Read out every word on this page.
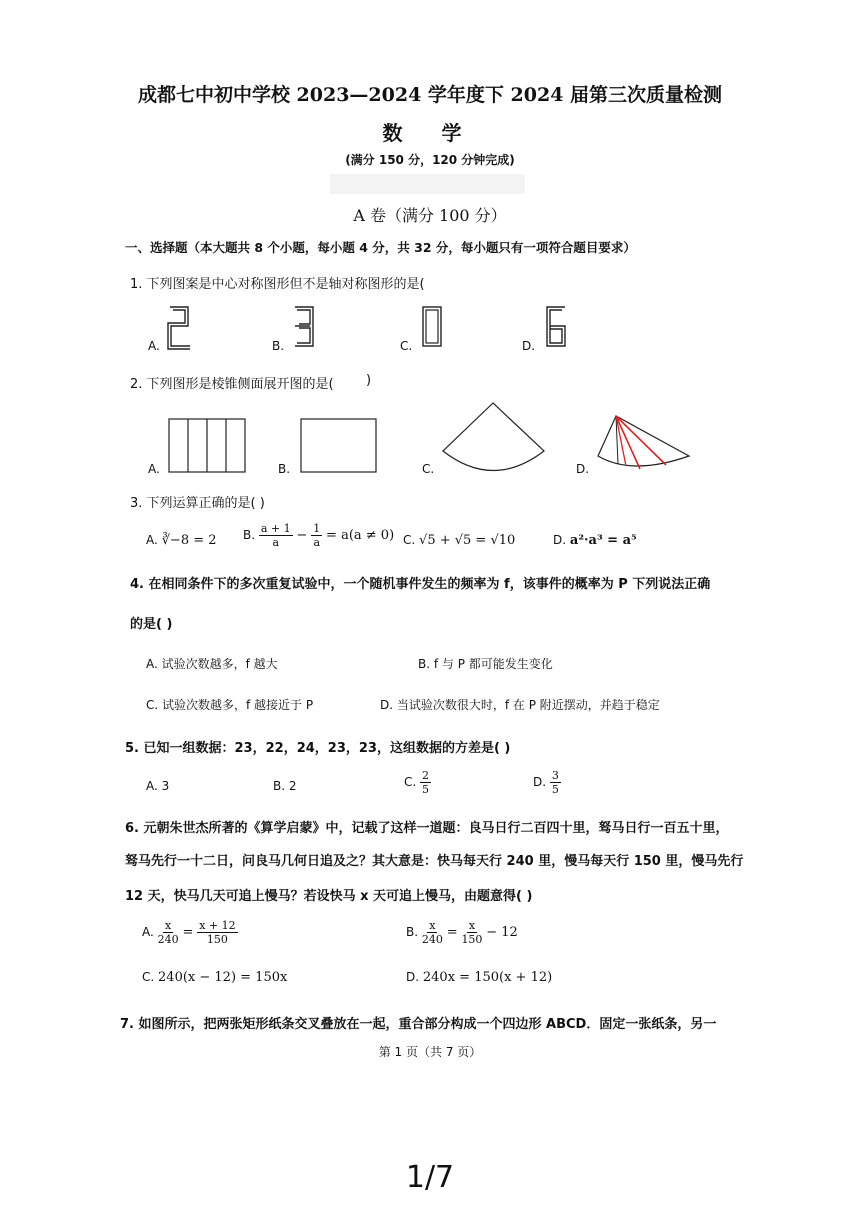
成都七中初中学校 2023—2024 学年度下 2024 届第三次质量检测
数 学
(满分 150 分，120 分钟完成)
A 卷（满分 100 分）
一、选择题（本大题共 8 个小题，每小题 4 分，共 32 分，每小题只有一项符合题目要求）
1. 下列图案是中心对称图形但不是轴对称图形的是(
A.	B.	C.	D.
2. 下列图形是棱锥侧面展开图的是( )
A.	B.	C.	D.
3. 下列运算正确的是( )
A. ∛−8 = 2 B. $\frac{a + 1}{a} - \frac{1}{a} = a(a \ne 0)$ C. √5 + √5 = √10	D. a²·a³ = a⁵
4. 在相同条件下的多次重复试验中，一个随机事件发生的频率为 f，该事件的概率为 P 下列说法正确
的是( )
A. 试验次数越多，f 越大	B. f 与 P 都可能发生变化
C. 试验次数越多，f 越接近于 P	D. 当试验次数很大时，f 在 P 附近摆动，并趋于稳定
5. 已知一组数据：23，22，24，23，23，这组数据的方差是( )
A. 3	B. 2	C. $\frac{2}{5}$	D. $\frac{3}{5}$
6. 元朝朱世杰所著的《算学启蒙》中，记载了这样一道题：良马日行二百四十里，驽马日行一百五十里，
驽马先行一十二日，问良马几何日追及之？其大意是：快马每天行 240 里，慢马每天行 150 里，慢马先行
12 天，快马几天可追上慢马？若设快马 x 天可追上慢马，由题意得( )
A. $\frac{x}{240} = \frac{x + 12}{150}$	B. $\frac{x}{240} = \frac{x}{150} - 12$
C. 240(x − 12) = 150x	D. 240x = 150(x + 12)
7. 如图所示，把两张矩形纸条交叉叠放在一起，重合部分构成一个四边形 ABCD．固定一张纸条，另一
第 1 页（共 7 页）
1/7
